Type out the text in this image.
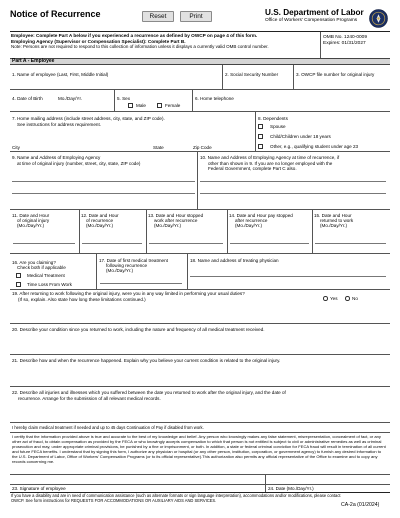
Notice of Recurrence	Reset	Print	U.S. Department of Labor
Office of Workers' Compensation Programs
Employee: Complete Part A below if you experienced a recurrence as defined by OWCP on page 4 of this form.
Employing Agency (Supervisor or Compensation Specialist): Complete Part B.
Note: Persons are not required to respond to this collection of information unless it displays a currently valid OMB control number.
OMB No. 1240-0009
Expires: 01/31/2027
Part A - Employee
1. Name of employee (Last, First, Middle Initial)	2. Social Security Number	3. OWCP file number for original injury
4. Date of Birth	Mo./Day/Yr.	5. Sex
Male	Female
6. Home telephone
7. Home mailing address (include street address, city, state, and ZIP code).
See instructions for address requirement.
City	State	Zip Code
8. Dependents
Spouse
Child/Children under 18 years
Other, e.g., qualifying student under age 23
9. Name and Address of Employing Agency
at time of original injury (number, street, city, state, ZIP code)
10. Name and Address of Employing Agency at time of recurrence, if
other than shown in 9. If you are no longer employed with the
Federal Government, complete Part C also.
11. Date and Hour
of original injury
(Mo./Day/Yr.)
12. Date and Hour
of recurrence
(Mo./Day/Yr.)
13. Date and Hour stopped
work after recurrence
(Mo./Day/Yr.)
14. Date and Hour pay stopped
after recurrence
(Mo./Day/Yr.)
15. Date and Hour
returned to work
(Mo./Day/Yr.)
16. Are you claiming?
Check both if applicable
Medical Treatment
Time Loss From Work
17. Date of first medical treatment
following recurrence
(Mo./Day/Yr.)
18. Name and address of treating physician
19. After returning to work following the original injury, were you in any way limited in performing your usual duties?
(If so, explain. Also state how long these limitations continued.)	Yes	No
20. Describe your condition since you returned to work, including the nature and frequency of all medical treatment received.
21. Describe how and when the recurrence happened. Explain why you believe your current condition is related to the original injury.
22. Describe all injuries and illnesses which you suffered between the date you returned to work after the original injury, and the date of
recurrence. Arrange for the submission of all relevant medical records.
I hereby claim medical treatment if needed and up to 45 days Continuation of Pay if disabled from work.
I certify that the information provided above is true and accurate to the best of my knowledge and belief. Any person who knowingly makes any false statement, misrepresentation, concealment of fact, or any other act of fraud, to obtain compensation as provided by the FECA or who knowingly accepts compensation to which that person is not entitled is subject to civil or administrative remedies as well as criminal prosecution and may, under appropriate criminal provisions, be punished by a fine or imprisonment, or both. In addition, a state or federal criminal conviction for FECA fraud will result in termination of all current and future FECA benefits. I understand that by signing this form, I authorize any physician or hospital (or any other person, institution, corporation, or government agency) to furnish any desired information to the U.S. Department of Labor, Office of Workers' Compensation Programs (or to its official representative).This authorization also permits any official representative of the Office to examine and to copy any records concerning me.
23. Signature of employee	24. Date (Mo./Day/Yr.)
If you have a disability and are in need of communication assistance (such as alternate formats or sign language interpretation), accommodations and/or modifications, please contact OWCP. See form instructions for REQUESTS FOR ACCOMMODATIONS OR AUXILIARY AIDS AND SERVICES.
CA-2a (01/2024)
